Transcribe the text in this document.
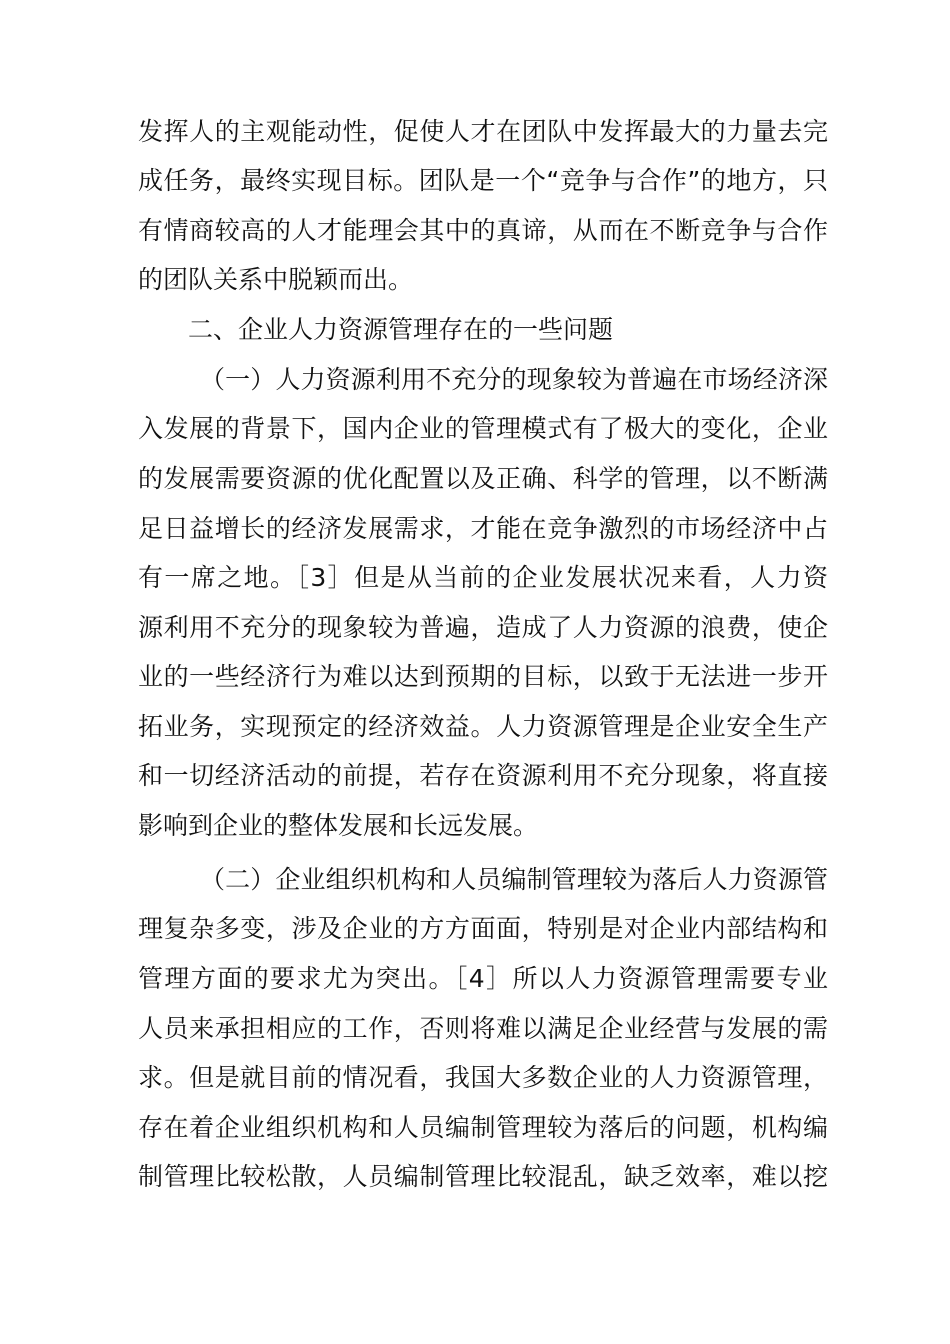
发挥人的主观能动性，促使人才在团队中发挥最大的力量去完
成任务，最终实现目标。团队是一个“竞争与合作”的地方，只
有情商较高的人才能理会其中的真谛，从而在不断竞争与合作
的团队关系中脱颖而出。
二、企业人力资源管理存在的一些问题
（一）人力资源利用不充分的现象较为普遍在市场经济深
入发展的背景下，国内企业的管理模式有了极大的变化，企业
的发展需要资源的优化配置以及正确、科学的管理，以不断满
足日益增长的经济发展需求，才能在竞争激烈的市场经济中占
有一席之地。［3］但是从当前的企业发展状况来看，人力资
源利用不充分的现象较为普遍，造成了人力资源的浪费，使企
业的一些经济行为难以达到预期的目标，以致于无法进一步开
拓业务，实现预定的经济效益。人力资源管理是企业安全生产
和一切经济活动的前提，若存在资源利用不充分现象，将直接
影响到企业的整体发展和长远发展。
（二）企业组织机构和人员编制管理较为落后人力资源管
理复杂多变，涉及企业的方方面面，特别是对企业内部结构和
管理方面的要求尤为突出。［4］所以人力资源管理需要专业
人员来承担相应的工作，否则将难以满足企业经营与发展的需
求。但是就目前的情况看，我国大多数企业的人力资源管理，
存在着企业组织机构和人员编制管理较为落后的问题，机构编
制管理比较松散，人员编制管理比较混乱，缺乏效率，难以挖
